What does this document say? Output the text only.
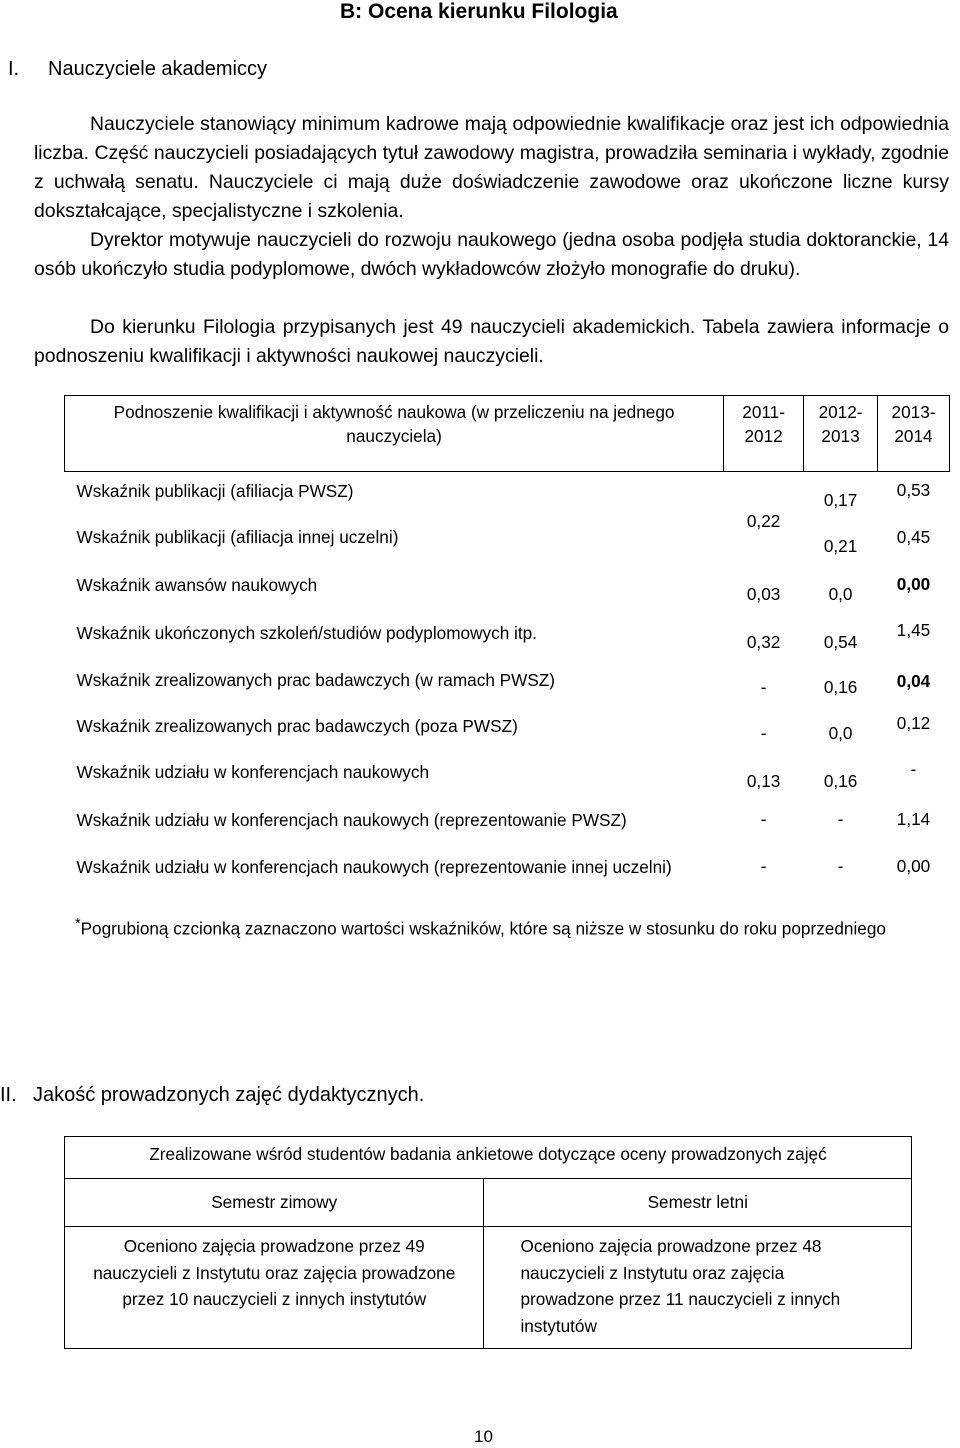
B: Ocena kierunku Filologia
I. Nauczyciele akademiccy
Nauczyciele stanowiący minimum kadrowe mają odpowiednie kwalifikacje oraz jest ich odpowiednia liczba. Część nauczycieli posiadających tytuł zawodowy magistra, prowadziła seminaria i wykłady, zgodnie z uchwałą senatu. Nauczyciele ci mają duże doświadczenie zawodowe oraz ukończone liczne kursy dokształcające, specjalistyczne i szkolenia.
Dyrektor motywuje nauczycieli do rozwoju naukowego (jedna osoba podjęła studia doktoranckie, 14 osób ukończyło studia podyplomowe, dwóch wykładowców złożyło monografie do druku).
Do kierunku Filologia przypisanych jest 49 nauczycieli akademickich. Tabela zawiera informacje o podnoszeniu kwalifikacji i aktywności naukowej nauczycieli.
Podnoszenie kwalifikacji i aktywność naukowa (w przeliczeniu na jednego nauczyciela)	2011-2012	2012-2013	2013-2014
Wskaźnik publikacji (afiliacja PWSZ)	0,22	0,17	0,53
Wskaźnik publikacji (afiliacja innej uczelni)		0,21	0,45
Wskaźnik awansów naukowych	0,03	0,0	0,00
Wskaźnik ukończonych szkoleń/studiów podyplomowych itp.	0,32	0,54	1,45
Wskaźnik zrealizowanych prac badawczych (w ramach PWSZ)	-	0,16	0,04
Wskaźnik zrealizowanych prac badawczych (poza PWSZ)	-	0,0	0,12
Wskaźnik udziału w konferencjach naukowych	0,13	0,16	-
Wskaźnik udziału w konferencjach naukowych (reprezentowanie PWSZ)	-	-	1,14
Wskaźnik udziału w konferencjach naukowych (reprezentowanie innej uczelni)	-	-	0,00
*Pogrubioną czcionką zaznaczono wartości wskaźników, które są niższe w stosunku do roku poprzedniego
II. Jakość prowadzonych zajęć dydaktycznych.
Zrealizowane wśród studentów badania ankietowe dotyczące oceny prowadzonych zajęć	
Semestr zimowy	Semestr letni
Oceniono zajęcia prowadzone przez 49 nauczycieli z Instytutu oraz zajęcia prowadzone przez 10 nauczycieli z innych instytutów	Oceniono zajęcia prowadzone przez 48 nauczycieli z Instytutu oraz zajęcia prowadzone przez 11 nauczycieli z innych instytutów
10
